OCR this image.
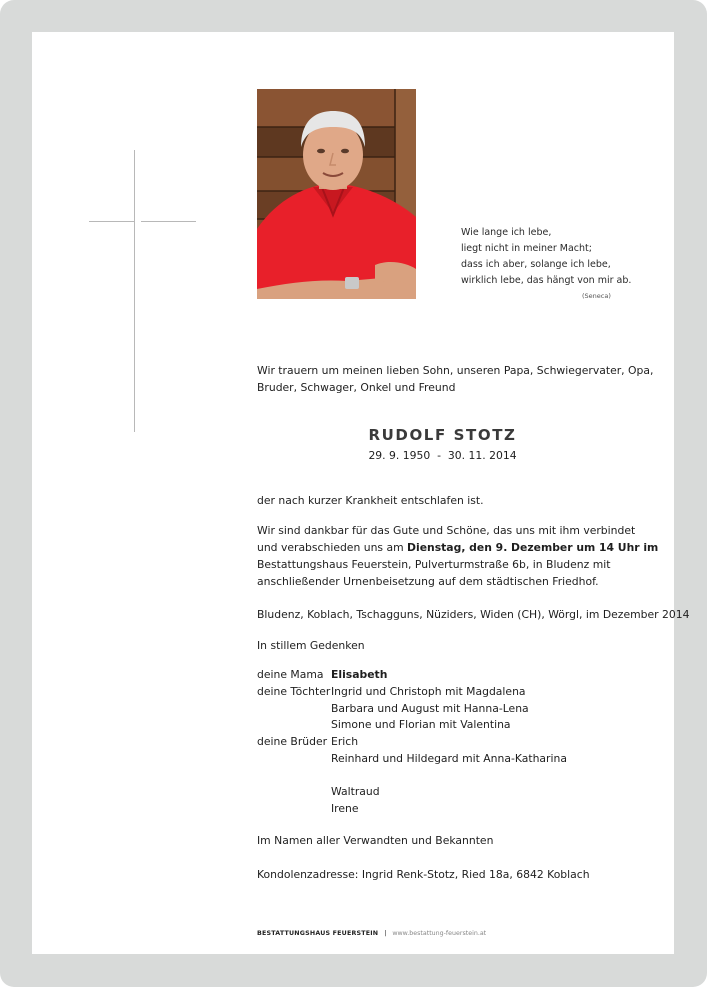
Wie lange ich lebe,
liegt nicht in meiner Macht;
dass ich aber, solange ich lebe,
wirklich lebe, das hängt von mir ab.
(Seneca)
Wir trauern um meinen lieben Sohn, unseren Papa, Schwiegervater, Opa,
Bruder, Schwager, Onkel und Freund
RUDOLF STOTZ
29. 9. 1950  -  30. 11. 2014
der nach kurzer Krankheit entschlafen ist.
Wir sind dankbar für das Gute und Schöne, das uns mit ihm verbindet
und verabschieden uns am Dienstag, den 9. Dezember um 14 Uhr im
Bestattungshaus Feuerstein, Pulverturmstraße 6b, in Bludenz mit
anschließender Urnenbeisetzung auf dem städtischen Friedhof.
Bludenz, Koblach, Tschagguns, Nüziders, Widen (CH), Wörgl, im Dezember 2014
In stillem Gedenken
deine Mama Elisabeth
deine Töchter Ingrid und Christoph mit Magdalena
Barbara und August mit Hanna-Lena
Simone und Florian mit Valentina
deine Brüder Erich
Reinhard und Hildegard mit Anna-Katharina
Waltraud
Irene
Im Namen aller Verwandten und Bekannten
Kondolenzadresse: Ingrid Renk-Stotz, Ried 18a, 6842 Koblach
BESTATTUNGSHAUS FEUERSTEIN | www.bestattung-feuerstein.at
